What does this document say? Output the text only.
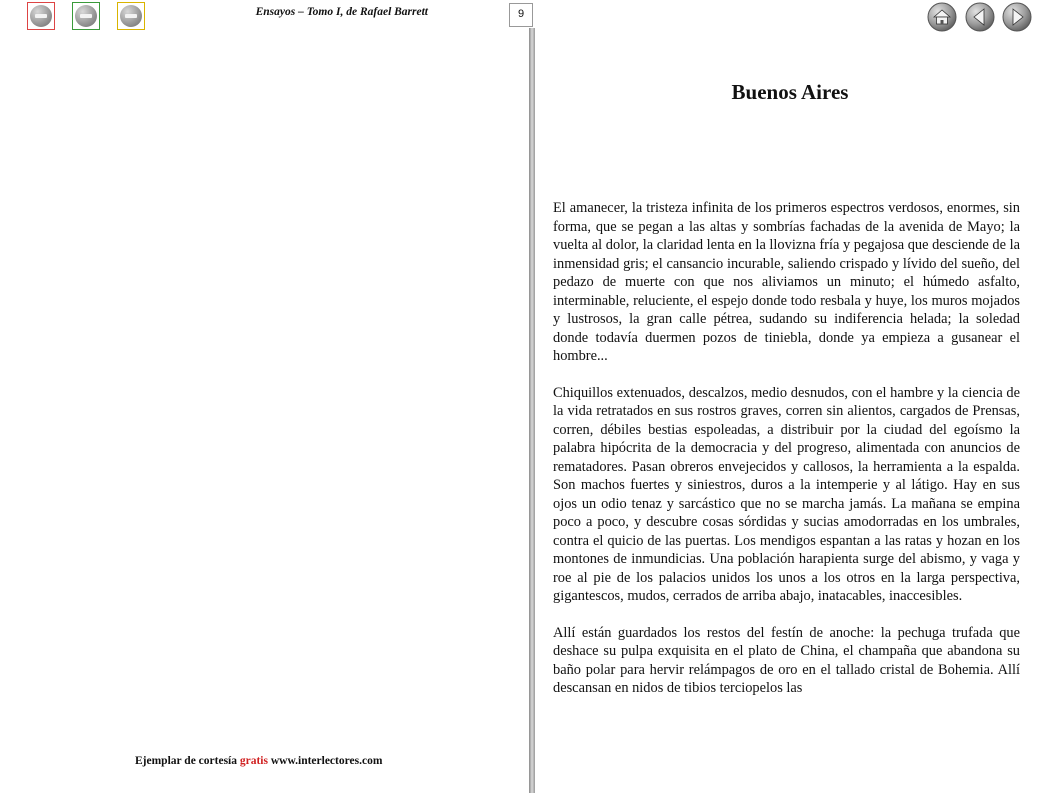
Ensayos – Tomo I, de Rafael Barrett	9
Buenos Aires

El amanecer, la tristeza infinita de los primeros espectros verdosos, enormes, sin forma, que se pegan a las altas y sombrías fachadas de la avenida de Mayo; la vuelta al dolor, la claridad lenta en la llovizna fría y pegajosa que desciende de la inmensidad gris; el cansancio incurable, saliendo crispado y lívido del sueño, del pedazo de muerte con que nos aliviamos un minuto; el húmedo asfalto, interminable, reluciente, el espejo donde todo resbala y huye, los muros mojados y lustrosos, la gran calle pétrea, sudando su indiferencia helada; la soledad donde todavía duermen pozos de tiniebla, donde ya empieza a gusanear el hombre...

Chiquillos extenuados, descalzos, medio desnudos, con el hambre y la ciencia de la vida retratados en sus rostros graves, corren sin alientos, cargados de Prensas, corren, débiles bestias espoleadas, a distribuir por la ciudad del egoísmo la palabra hipócrita de la democracia y del progreso, alimentada con anuncios de rematadores. Pasan obreros envejecidos y callosos, la herramienta a la espalda. Son machos fuertes y siniestros, duros a la intemperie y al látigo. Hay en sus ojos un odio tenaz y sarcástico que no se marcha jamás. La mañana se empina poco a poco, y descubre cosas sórdidas y sucias amodorradas en los umbrales, contra el quicio de las puertas. Los mendigos espantan a las ratas y hozan en los montones de inmundicias. Una población harapienta surge del abismo, y vaga y roe al pie de los palacios unidos los unos a los otros en la larga perspectiva, gigantescos, mudos, cerrados de arriba abajo, inatacables, inaccesibles.

Allí están guardados los restos del festín de anoche: la pechuga trufada que deshace su pulpa exquisita en el plato de China, el champaña que abandona su baño polar para hervir relámpagos de oro en el tallado cristal de Bohemia. Allí descansan en nidos de tibios terciopelos las

Ejemplar de cortesía gratis www.interlectores.com
